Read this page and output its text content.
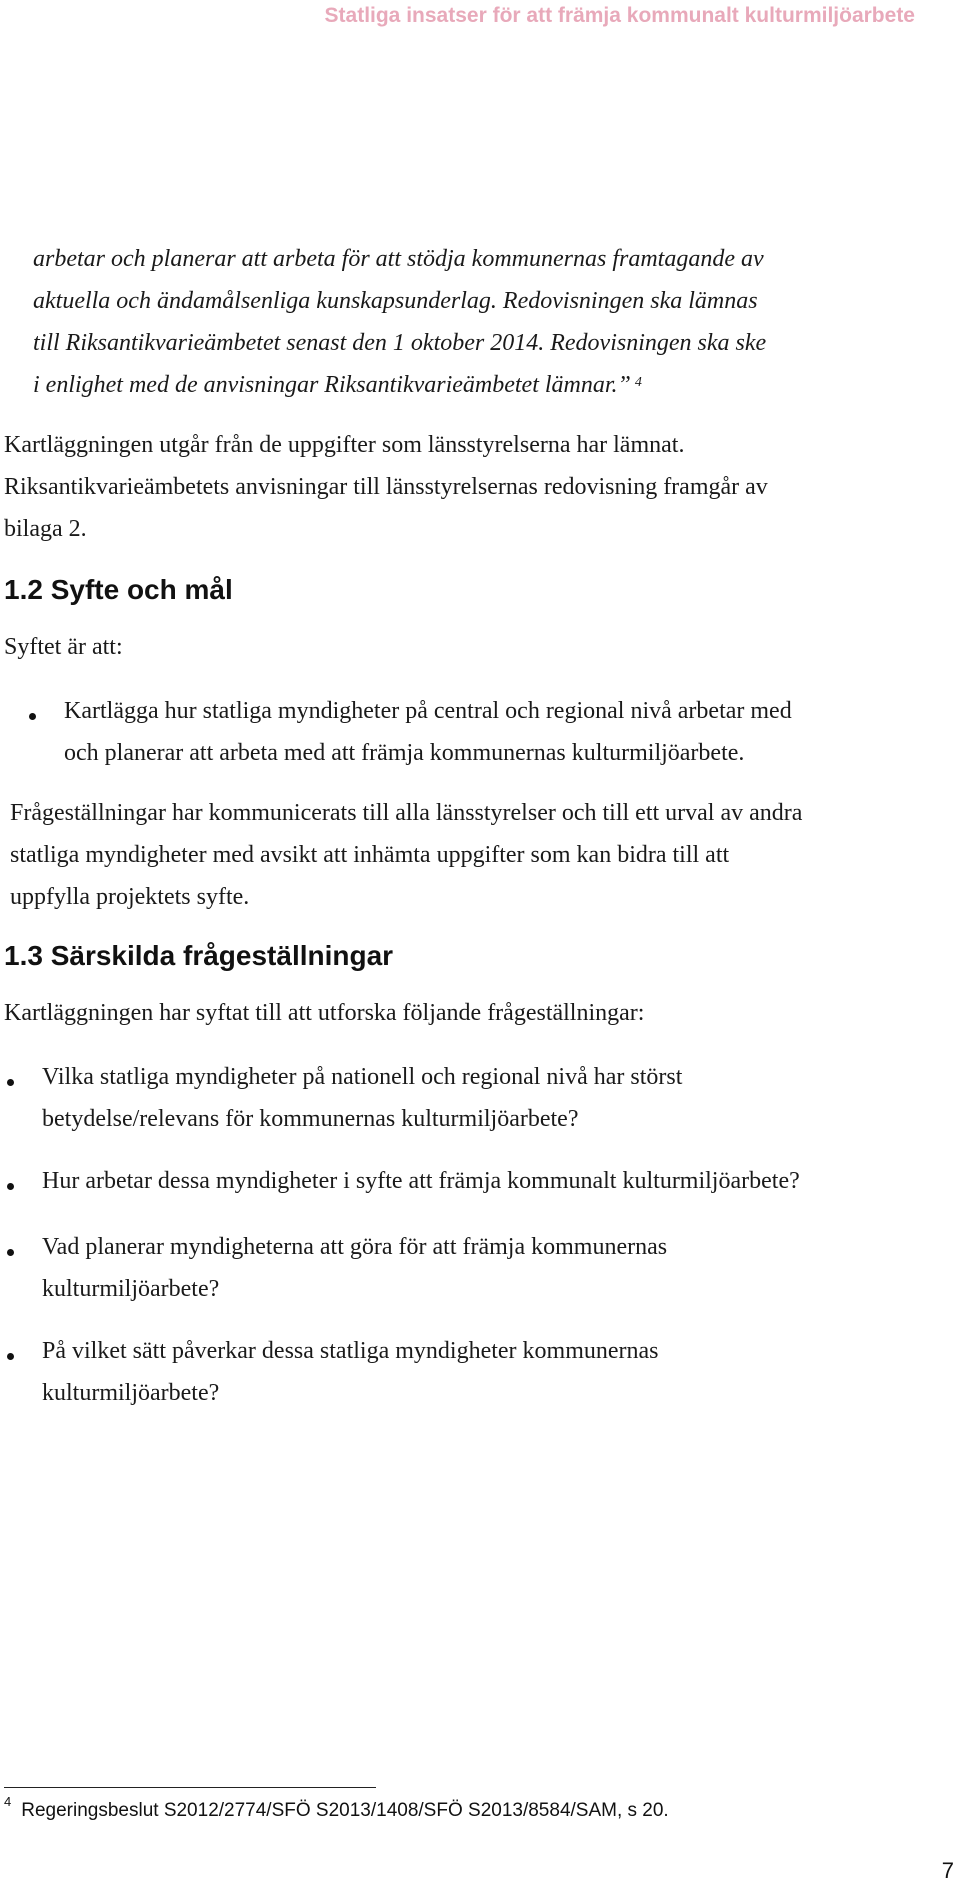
Statliga insatser för att främja kommunalt kulturmiljöarbete
arbetar och planerar att arbeta för att stödja kommunernas framtagande av
aktuella och ändamålsenliga kunskapsunderlag. Redovisningen ska lämnas
till Riksantikvarieämbetet senast den 1 oktober 2014. Redovisningen ska ske
i enlighet med de anvisningar Riksantikvarieämbetet lämnar.” $^4$
Kartläggningen utgår från de uppgifter som länsstyrelserna har lämnat.
Riksantikvarieämbetets anvisningar till länsstyrelsernas redovisning framgår av
bilaga 2.
1.2 Syfte och mål
Syftet är att:
Kartlägga hur statliga myndigheter på central och regional nivå arbetar med
och planerar att arbeta med att främja kommunernas kulturmiljöarbete.
Frågeställningar har kommunicerats till alla länsstyrelser och till ett urval av andra
statliga myndigheter med avsikt att inhämta uppgifter som kan bidra till att
uppfylla projektets syfte.
1.3 Särskilda frågeställningar
Kartläggningen har syftat till att utforska följande frågeställningar:
Vilka statliga myndigheter på nationell och regional nivå har störst
betydelse/relevans för kommunernas kulturmiljöarbete?
Hur arbetar dessa myndigheter i syfte att främja kommunalt kulturmiljöarbete?
Vad planerar myndigheterna att göra för att främja kommunernas
kulturmiljöarbete?
På vilket sätt påverkar dessa statliga myndigheter kommunernas
kulturmiljöarbete?
$^4$ Regeringsbeslut S2012/2774/SFÖ S2013/1408/SFÖ S2013/8584/SAM, s 20.
7
